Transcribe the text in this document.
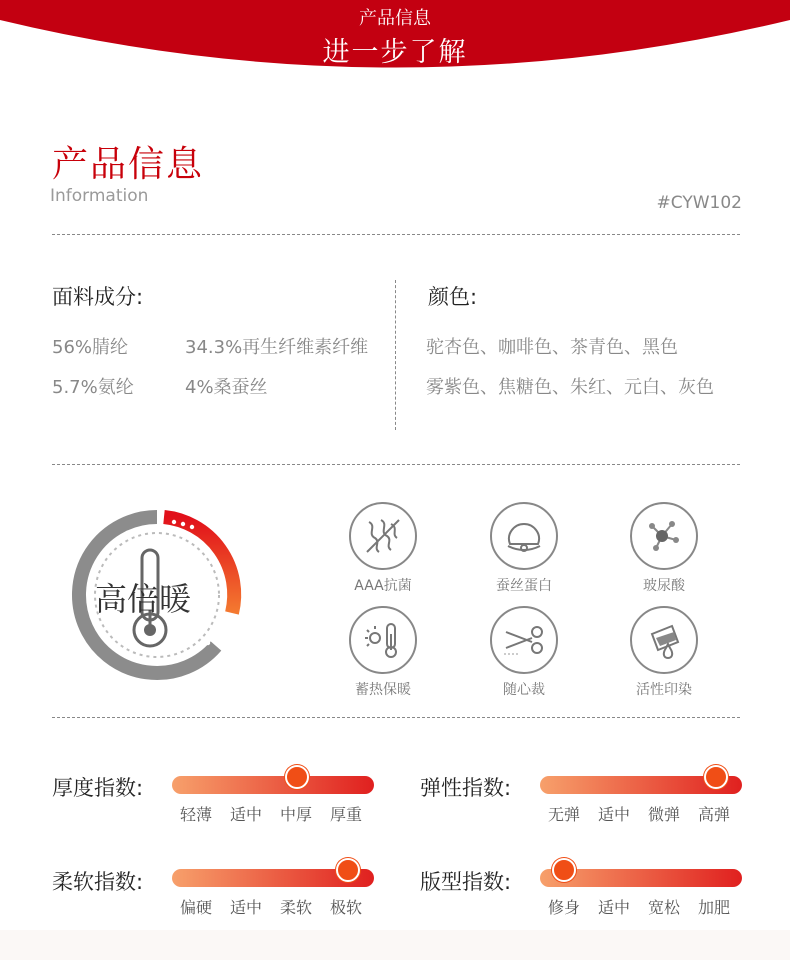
产品信息
进一步了解
产品信息
Information	#CYW102
面料成分:
56%腈纶	34.3%再生纤维素纤维
5.7%氨纶	4%桑蚕丝
颜色:
驼杏色、咖啡色、茶青色、黑色
雾紫色、焦糖色、朱红、元白、灰色
高倍暖	AAA抗菌	蚕丝蛋白	玻尿酸
蓄热保暖	随心裁	活性印染
厚度指数:
轻薄 适中 中厚 厚重
弹性指数:
无弹 适中 微弹 高弹
柔软指数:
偏硬 适中 柔软 极软
版型指数:
修身 适中 宽松 加肥
